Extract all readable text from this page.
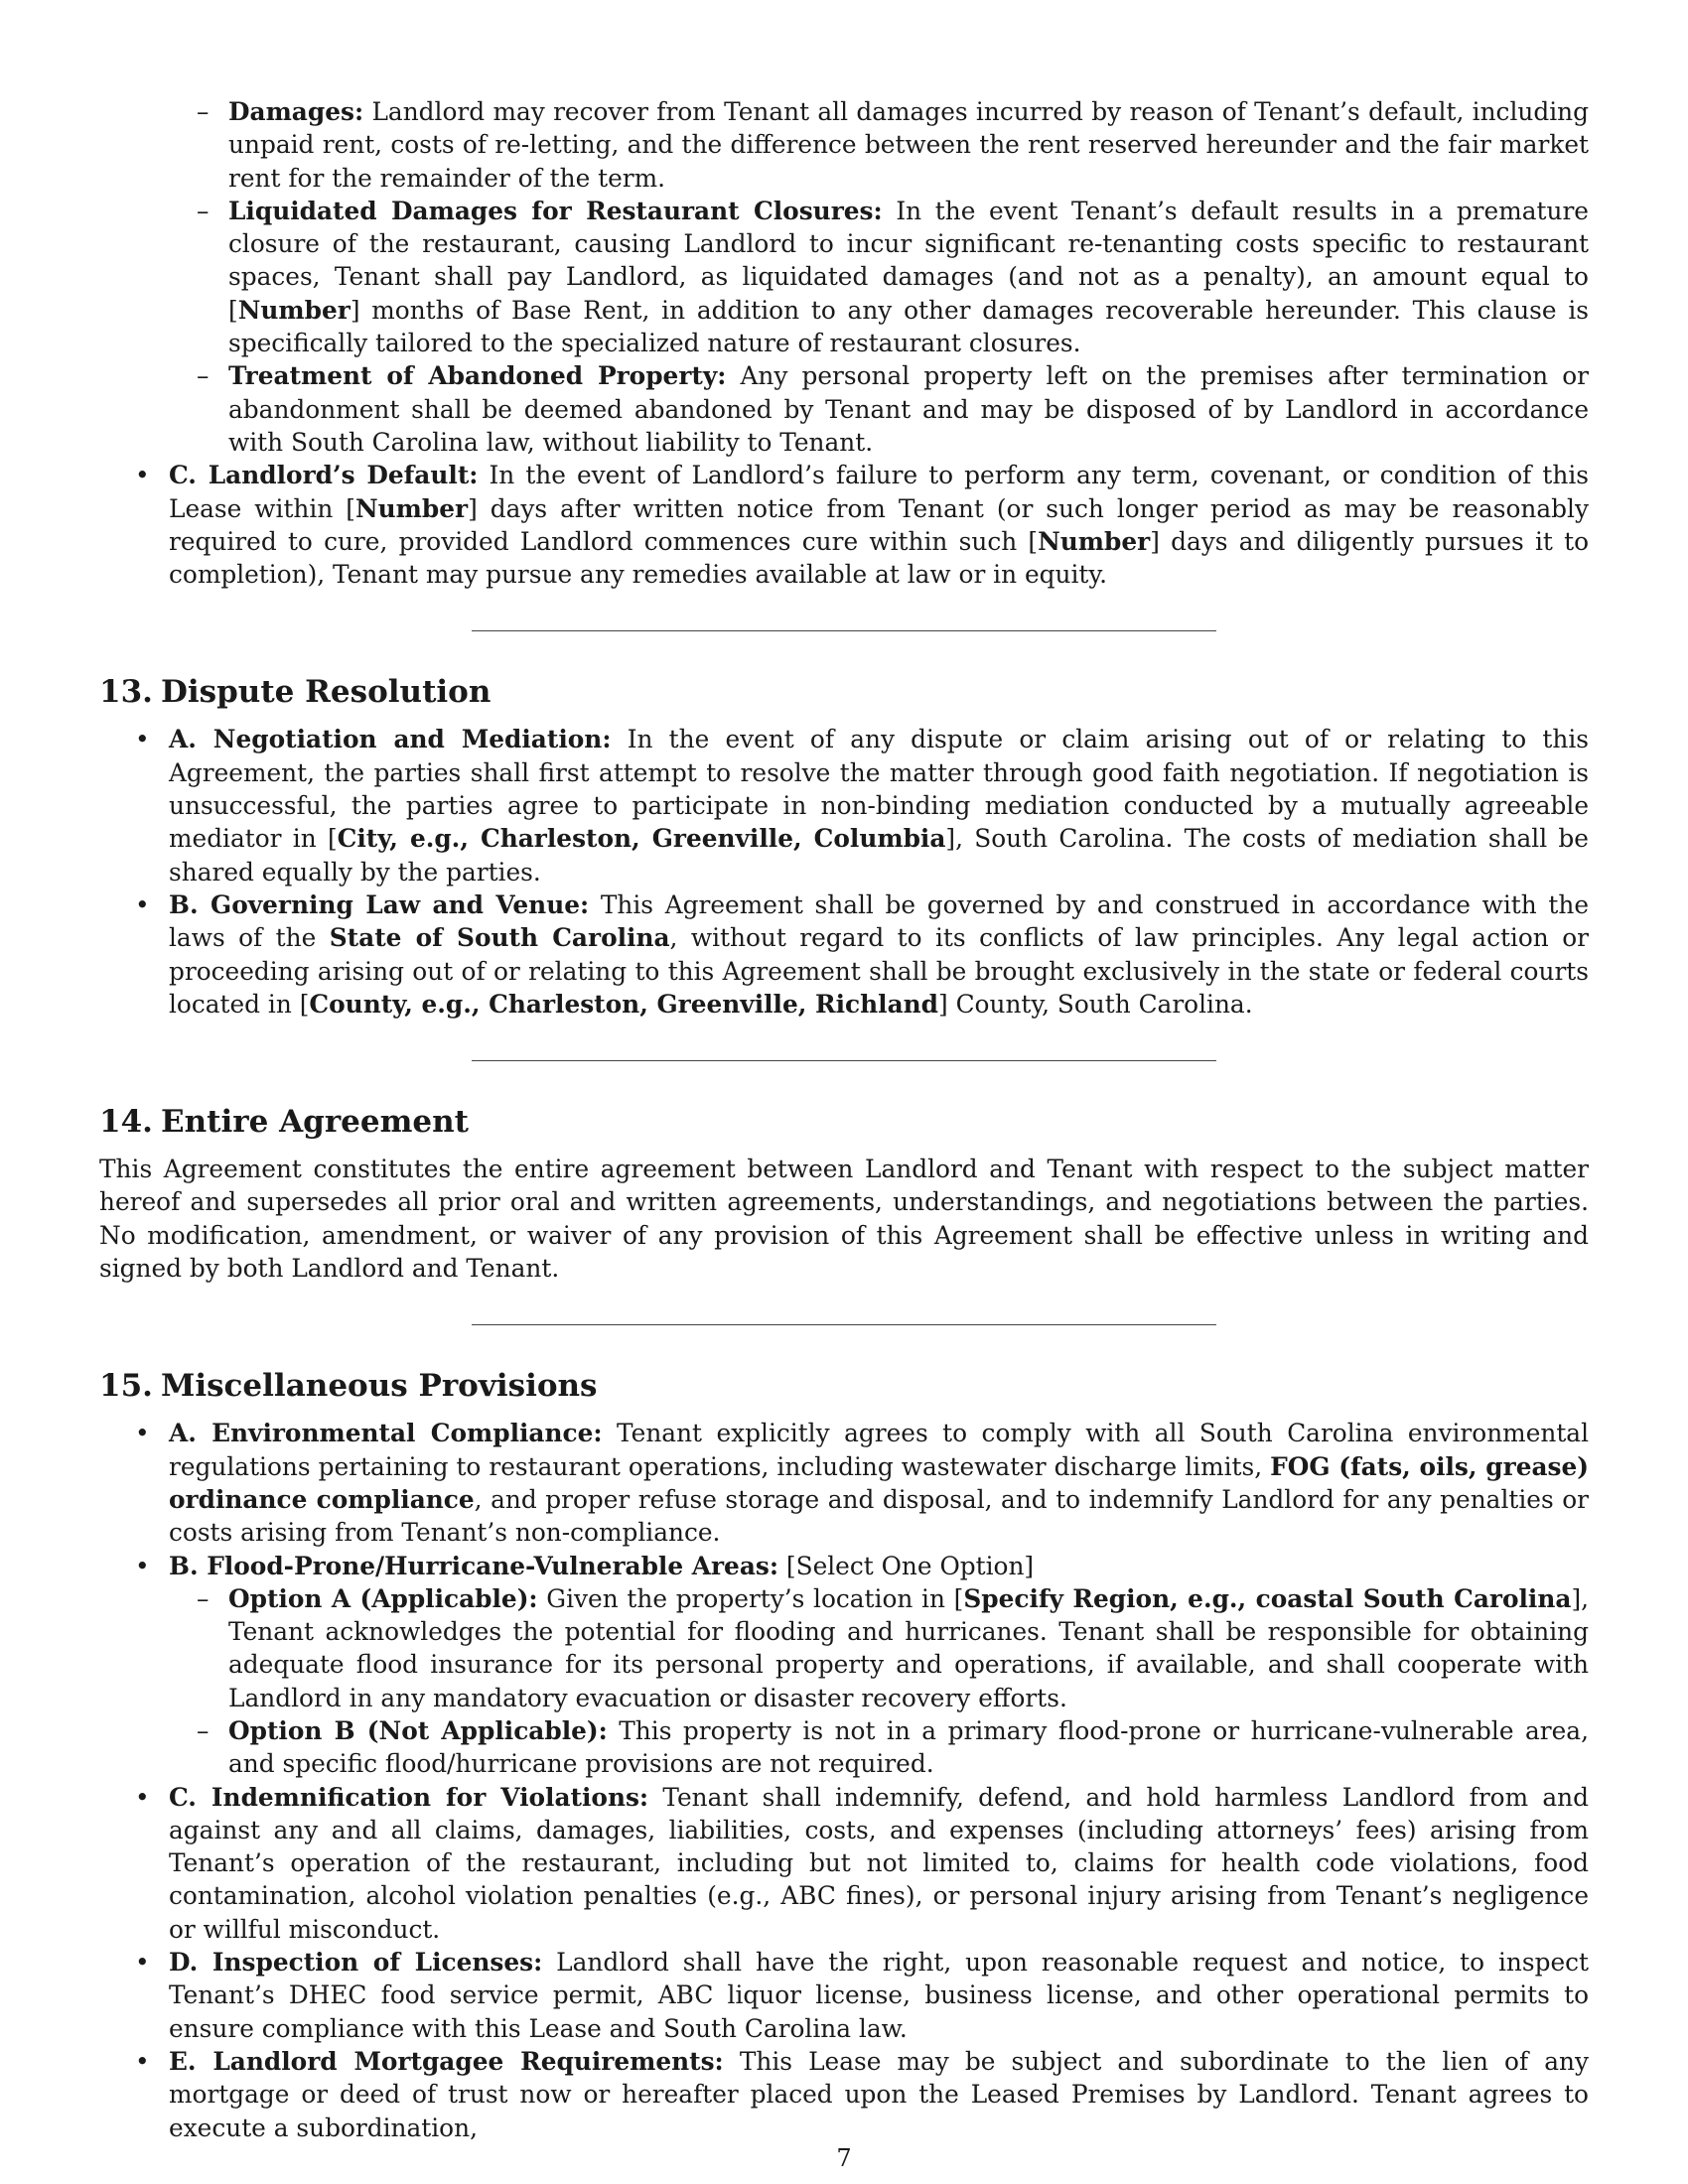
– Damages: Landlord may recover from Tenant all damages incurred by reason of Tenant’s default, including unpaid rent, costs of re-letting, and the difference between the rent reserved hereunder and the fair market rent for the remainder of the term.
– Liquidated Damages for Restaurant Closures: In the event Tenant’s default results in a premature closure of the restaurant, causing Landlord to incur significant re-tenanting costs specific to restaurant spaces, Tenant shall pay Landlord, as liquidated damages (and not as a penalty), an amount equal to [Number] months of Base Rent, in addition to any other damages recoverable hereunder. This clause is specifically tailored to the specialized nature of restaurant closures.
– Treatment of Abandoned Property: Any personal property left on the premises after termination or abandonment shall be deemed abandoned by Tenant and may be disposed of by Landlord in accordance with South Carolina law, without liability to Tenant.
• C. Landlord’s Default: In the event of Landlord’s failure to perform any term, covenant, or condition of this Lease within [Number] days after written notice from Tenant (or such longer period as may be reasonably required to cure, provided Landlord commences cure within such [Number] days and diligently pursues it to completion), Tenant may pursue any remedies available at law or in equity.
13. Dispute Resolution
• A. Negotiation and Mediation: In the event of any dispute or claim arising out of or relating to this Agreement, the parties shall first attempt to resolve the matter through good faith negotiation. If negotiation is unsuccessful, the parties agree to participate in non-binding mediation conducted by a mutually agreeable mediator in [City, e.g., Charleston, Greenville, Columbia], South Carolina. The costs of mediation shall be shared equally by the parties.
• B. Governing Law and Venue: This Agreement shall be governed by and construed in accordance with the laws of the State of South Carolina, without regard to its conflicts of law principles. Any legal action or proceeding arising out of or relating to this Agreement shall be brought exclusively in the state or federal courts located in [County, e.g., Charleston, Greenville, Richland] County, South Carolina.
14. Entire Agreement

This Agreement constitutes the entire agreement between Landlord and Tenant with respect to the subject matter hereof and supersedes all prior oral and written agreements, understandings, and negotiations between the parties. No modification, amendment, or waiver of any provision of this Agreement shall be effective unless in writing and signed by both Landlord and Tenant.

15. Miscellaneous Provisions
• A. Environmental Compliance: Tenant explicitly agrees to comply with all South Carolina environmental regulations pertaining to restaurant operations, including wastewater discharge limits, FOG (fats, oils, grease) ordinance compliance, and proper refuse storage and disposal, and to indemnify Landlord for any penalties or costs arising from Tenant’s non-compliance.
• B. Flood-Prone/Hurricane-Vulnerable Areas: [Select One Option]
– Option A (Applicable): Given the property’s location in [Specify Region, e.g., coastal South Carolina], Tenant acknowledges the potential for flooding and hurricanes. Tenant shall be responsible for obtaining adequate flood insurance for its personal property and operations, if available, and shall cooperate with Landlord in any mandatory evacuation or disaster recovery efforts.
– Option B (Not Applicable): This property is not in a primary flood-prone or hurricane-vulnerable area, and specific flood/hurricane provisions are not required.
• C. Indemnification for Violations: Tenant shall indemnify, defend, and hold harmless Landlord from and against any and all claims, damages, liabilities, costs, and expenses (including attorneys’ fees) arising from Tenant’s operation of the restaurant, including but not limited to, claims for health code violations, food contamination, alcohol violation penalties (e.g., ABC fines), or personal injury arising from Tenant’s negligence or willful misconduct.
• D. Inspection of Licenses: Landlord shall have the right, upon reasonable request and notice, to inspect Tenant’s DHEC food service permit, ABC liquor license, business license, and other operational permits to ensure compliance with this Lease and South Carolina law.
• E. Landlord Mortgagee Requirements: This Lease may be subject and subordinate to the lien of any mortgage or deed of trust now or hereafter placed upon the Leased Premises by Landlord. Tenant agrees to execute a subordination,
7
